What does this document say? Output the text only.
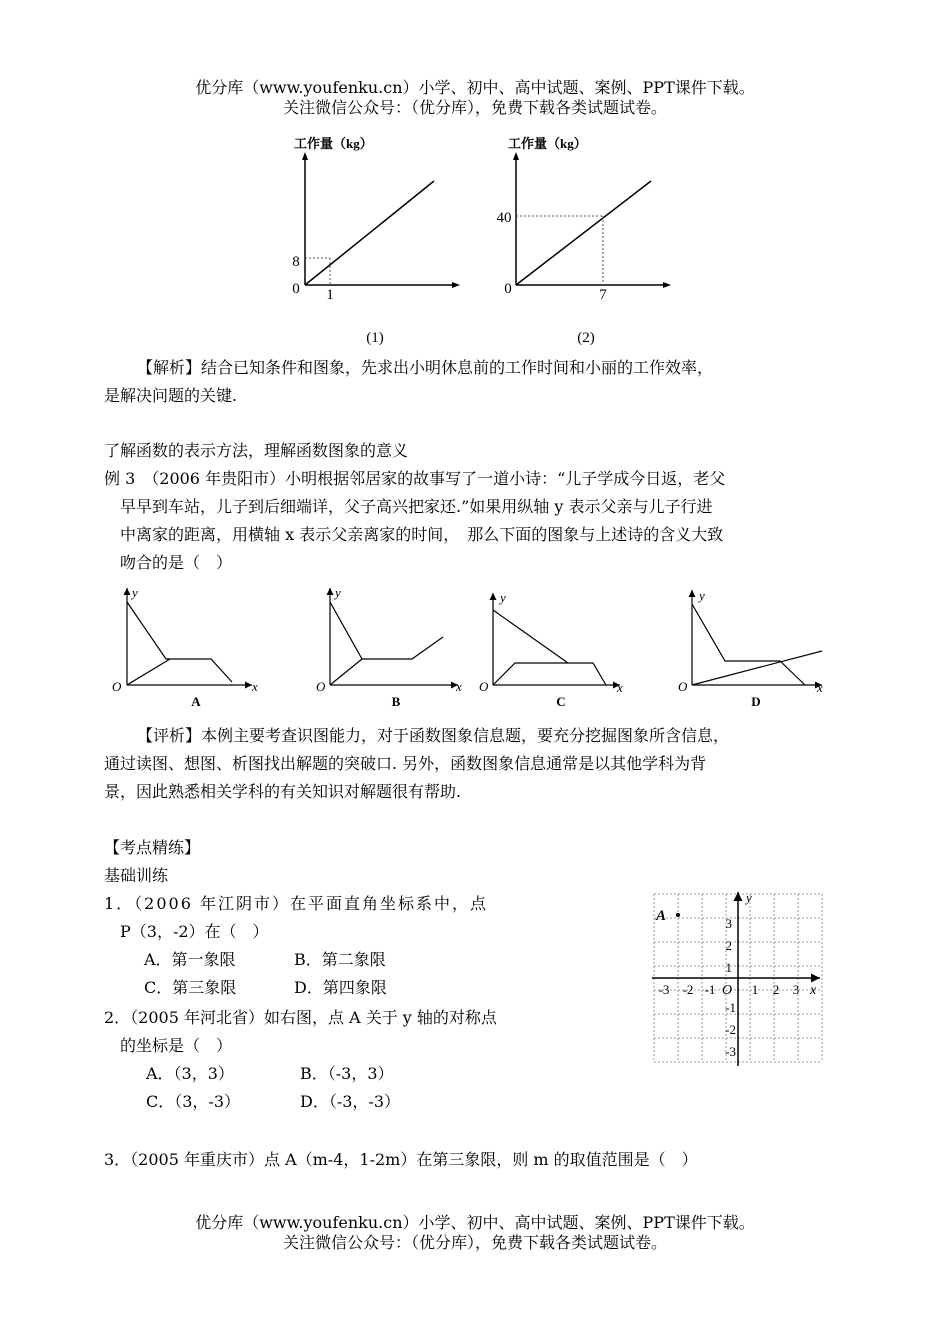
优分库（www.youfenku.cn）小学、初中、高中试题、案例、PPT课件下载。
关注微信公众号：（优分库），免费下载各类试题试卷。
工作量（kg）
8
0 1
(1)
工作量（kg）
40
0	7
(2)
【解析】结合已知条件和图象，先求出小明休息前的工作时间和小丽的工作效率，
是解决问题的关键.
了解函数的表示方法，理解函数图象的意义
例 3　（2006 年贵阳市）小明根据邻居家的故事写了一道小诗：“儿子学成今日返，老父
早早到车站，儿子到后细端详，父子高兴把家还.”如果用纵轴 y 表示父亲与儿子行进
中离家的距离，用横轴 x 表示父亲离家的时间，　那么下面的图象与上述诗的含义大致
吻合的是（　）
y
x
O
A
y
x
O
B
y
x
O
C
y
x
O
D
【评析】本例主要考查识图能力，对于函数图象信息题，要充分挖掘图象所含信息，
通过读图、想图、析图找出解题的突破口. 另外，函数图象信息通常是以其他学科为背
景，因此熟悉相关学科的有关知识对解题很有帮助.
【考点精练】
基础训练
1．（2006 年江阴市）在平面直角坐标系中，点
P（3，-2）在（　）
A．第一象限	B．第二象限
C．第三象限	D．第四象限
2．（2005 年河北省）如右图，点 A 关于 y 轴的对称点
的坐标是（　）
A．（3，3）	B．（-3，3）
C．（3，-3）	D．（-3，-3）
3．（2005 年重庆市）点 A（m-4，1-2m）在第三象限，则 m 的取值范围是（　）
A
y
x
O
-3 -2 -1	1 2 3
3
2
1
-1
-2
-3
优分库（www.youfenku.cn）小学、初中、高中试题、案例、PPT课件下载。
关注微信公众号：（优分库），免费下载各类试题试卷。
